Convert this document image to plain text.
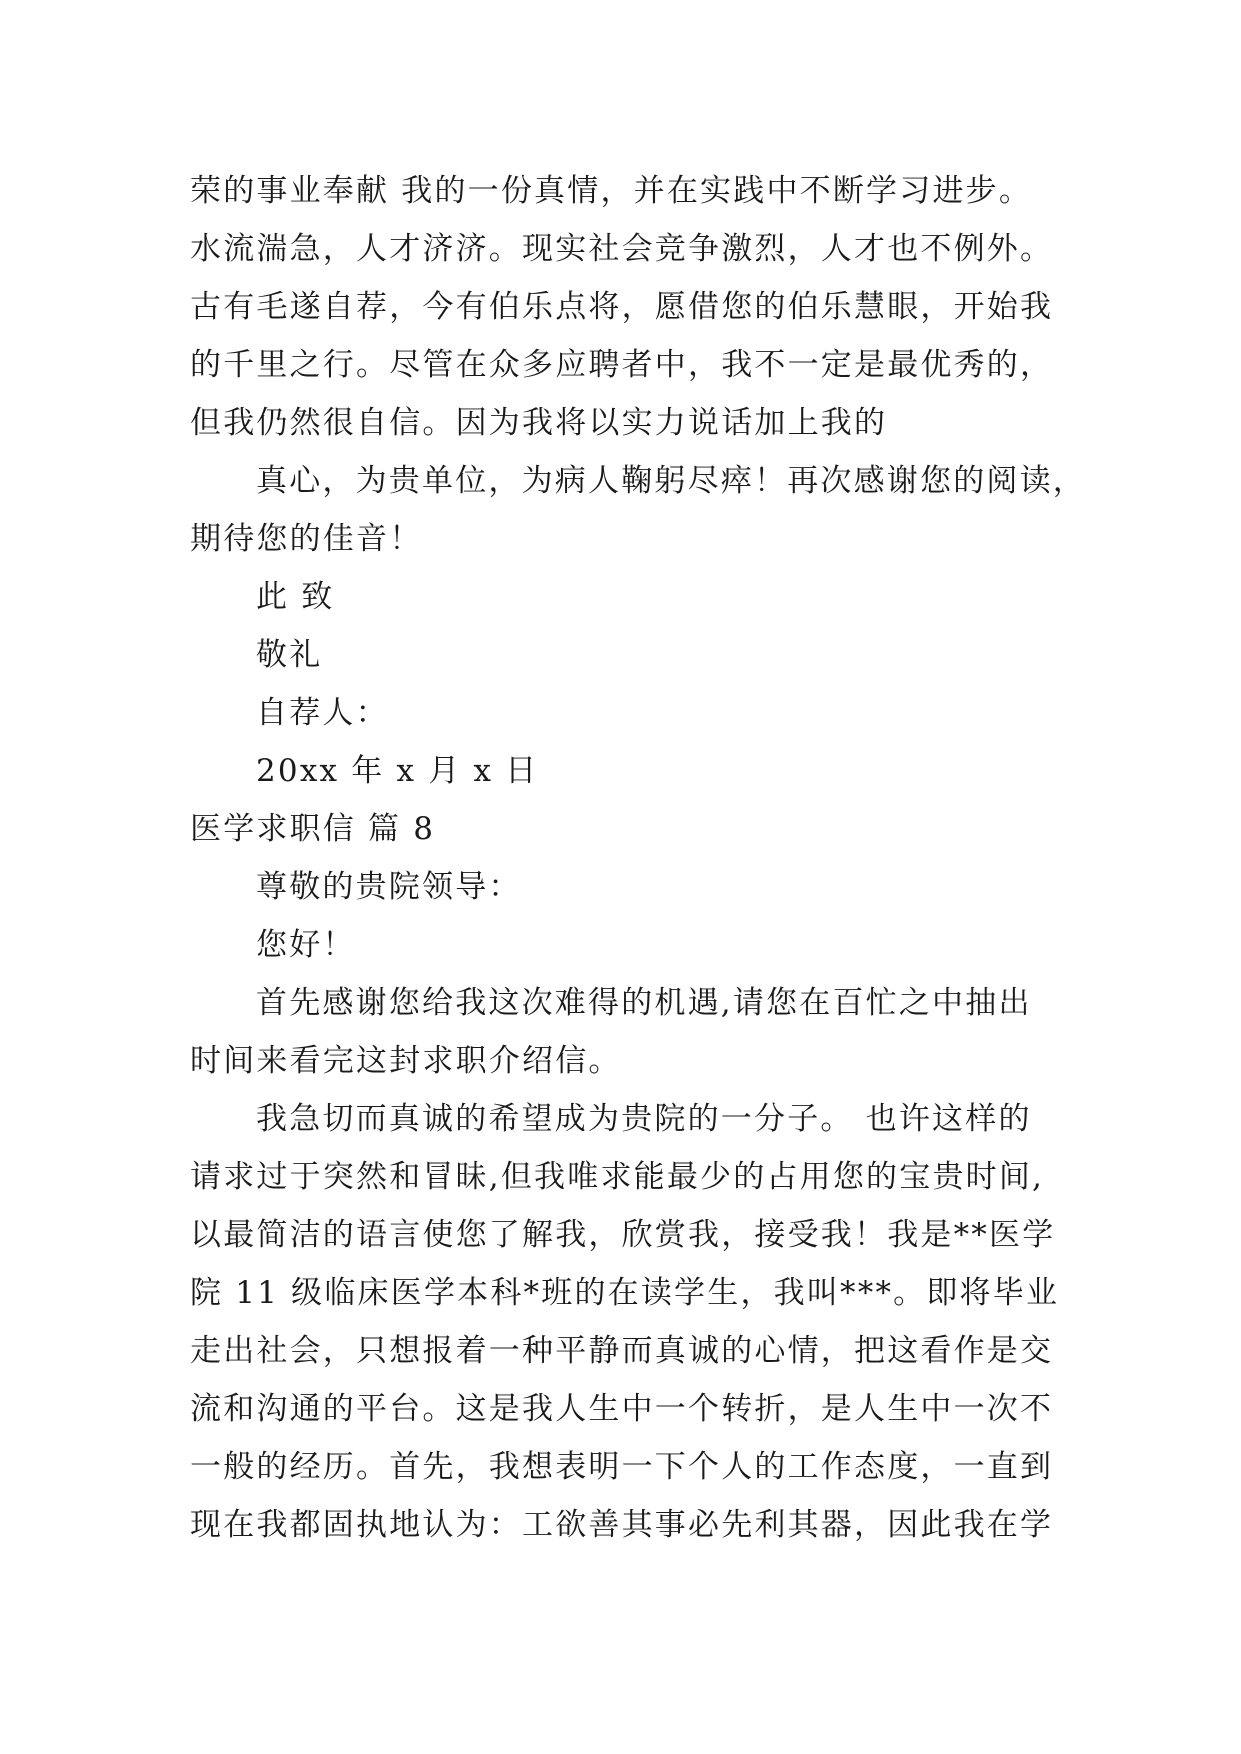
荣的事业奉献 我的一份真情，并在实践中不断学习进步。
水流湍急，人才济济。现实社会竞争激烈，人才也不例外。
古有毛遂自荐，今有伯乐点将，愿借您的伯乐慧眼，开始我
的千里之行。尽管在众多应聘者中，我不一定是最优秀的，
但我仍然很自信。因为我将以实力说话加上我的
真心，为贵单位，为病人鞠躬尽瘁！再次感谢您的阅读，
期待您的佳音！
此 致
敬礼
自荐人：
20xx 年 x 月 x 日
医学求职信 篇 8
尊敬的贵院领导：
您好！
首先感谢您给我这次难得的机遇,请您在百忙之中抽出
时间来看完这封求职介绍信。
我急切而真诚的希望成为贵院的一分子。 也许这样的
请求过于突然和冒昧,但我唯求能最少的占用您的宝贵时间,
以最简洁的语言使您了解我，欣赏我，接受我！我是**医学
院 11 级临床医学本科*班的在读学生，我叫***。即将毕业
走出社会，只想报着一种平静而真诚的心情，把这看作是交
流和沟通的平台。这是我人生中一个转折，是人生中一次不
一般的经历。首先，我想表明一下个人的工作态度，一直到
现在我都固执地认为：工欲善其事必先利其器，因此我在学
